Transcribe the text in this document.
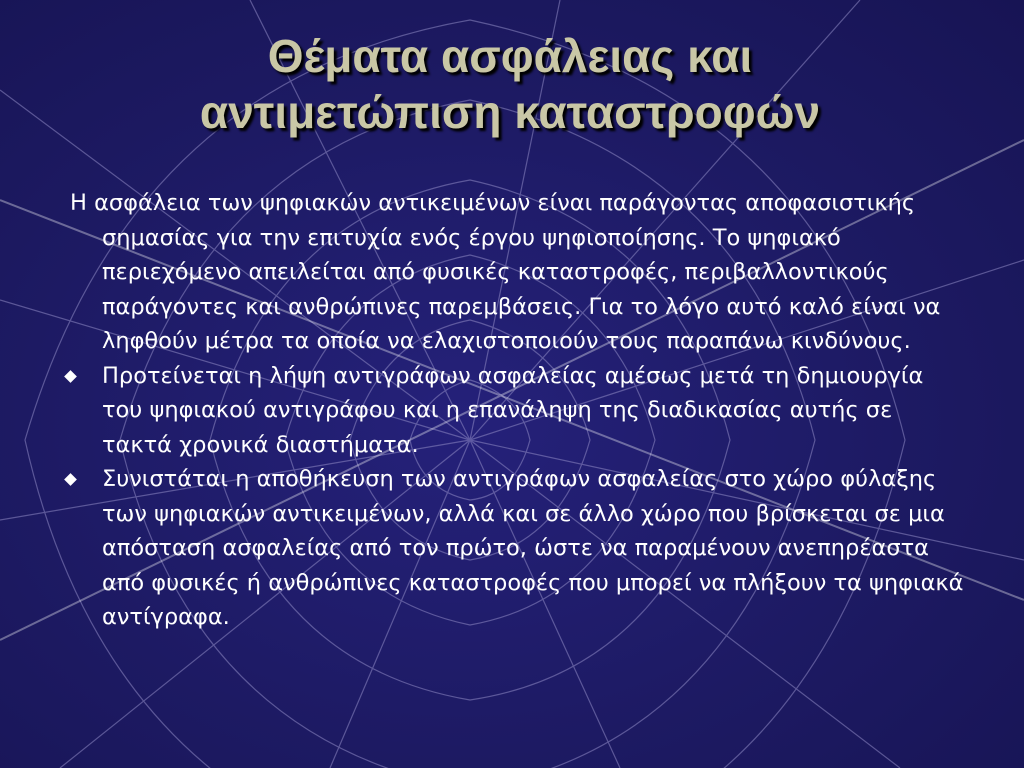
Θέματα ασφάλειας και
αντιμετώπιση καταστροφών

Η ασφάλεια των ψηφιακών αντικειμένων είναι παράγοντας αποφασιστικής σημασίας για την επιτυχία ενός έργου ψηφιοποίησης. Το ψηφιακό περιεχόμενο απειλείται από φυσικές καταστροφές, περιβαλλοντικούς παράγοντες και ανθρώπινες παρεμβάσεις. Για το λόγο αυτό καλό είναι να ληφθούν μέτρα τα οποία να ελαχιστοποιούν τους παραπάνω κινδύνους.

Προτείνεται η λήψη αντιγράφων ασφαλείας αμέσως μετά τη δημιουργία του ψηφιακού αντιγράφου και η επανάληψη της διαδικασίας αυτής σε τακτά χρονικά διαστήματα.
Συνιστάται η αποθήκευση των αντιγράφων ασφαλείας στο χώρο φύλαξης των ψηφιακών αντικειμένων, αλλά και σε άλλο χώρο που βρίσκεται σε μια απόσταση ασφαλείας από τον πρώτο, ώστε να παραμένουν ανεπηρέαστα από φυσικές ή ανθρώπινες καταστροφές που μπορεί να πλήξουν τα ψηφιακά αντίγραφα.
